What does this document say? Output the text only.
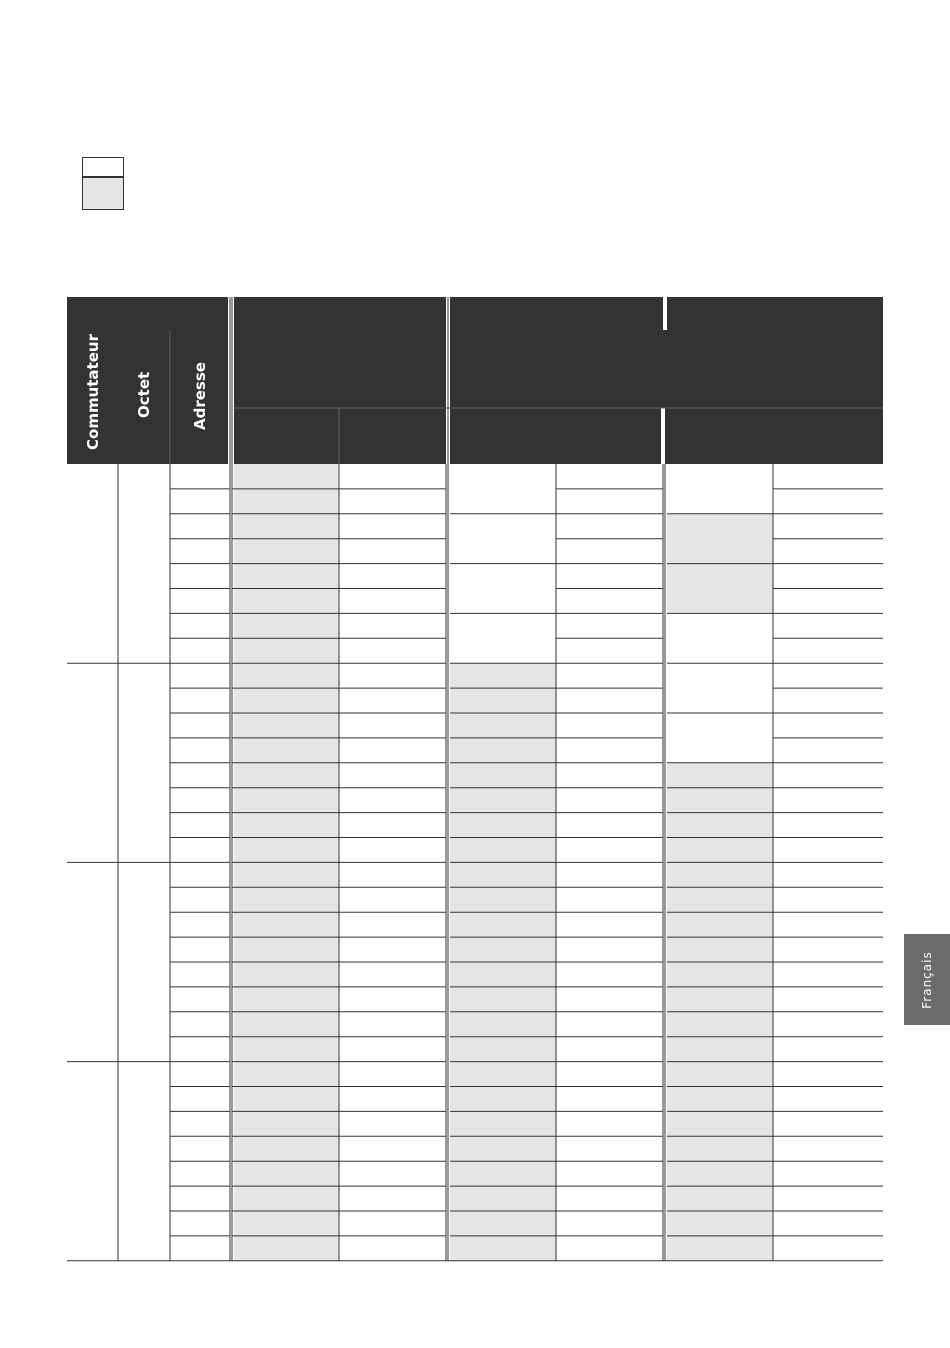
Commutateur Octet	Adresse
Français
